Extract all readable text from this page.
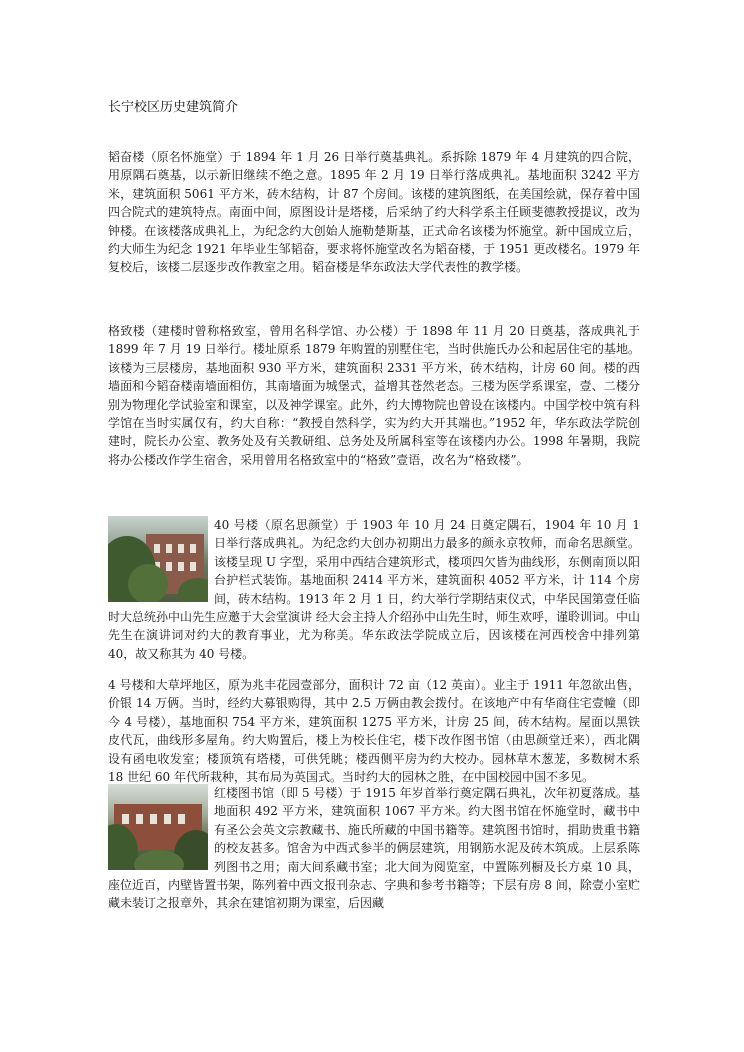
长宁校区历史建筑简介

韬奋楼（原名怀施堂）于 1894 年 1 月 26 日举行奠基典礼。系拆除 1879 年 4 月建筑的四合院，用原隅石奠基，以示新旧继续不绝之意。1895 年 2 月 19 日举行落成典礼。基地面积 3242 平方米，建筑面积 5061 平方米，砖木结构，计 87 个房间。该楼的建筑图纸，在美国绘就，保存着中国四合院式的建筑特点。南面中间，原图设计是塔楼，后采纳了约大科学系主任顾斐德教授提议，改为钟楼。在该楼落成典礼上，为纪念约大创始人施勒楚斯基，正式命名该楼为怀施堂。新中国成立后，约大师生为纪念 1921 年毕业生邹韬奋，要求将怀施堂改名为韬奋楼，于 1951 更改楼名。1979 年复校后，该楼二层逐步改作教室之用。韬奋楼是华东政法大学代表性的教学楼。

格致楼（建楼时曾称格致室，曾用名科学馆、办公楼）于 1898 年 11 月 20 日奠基，落成典礼于 1899 年 7 月 19 日举行。楼址原系 1879 年购置的别墅住宅，当时供施氏办公和起居住宅的基地。该楼为三层楼房，基地面积 930 平方米，建筑面积 2331 平方米，砖木结构，计房 60 间。楼的西墙面和今韬奋楼南墙面相仿，其南墙面为城堡式，益增其苍然老态。三楼为医学系课室，壹、二楼分别为物理化学试验室和课室，以及神学课室。此外，约大博物院也曾设在该楼内。中国学校中筑有科学馆在当时实属仅有，约大自称：“教授自然科学，实为约大开其端也。”1952 年，华东政法学院创建时，院长办公室、教务处及有关教研组、总务处及所属科室等在该楼内办公。1998 年暑期，我院将办公楼改作学生宿舍，采用曾用名格致室中的“格致”壹语，改名为“格致楼”。

40 号楼（原名思颜堂）于 1903 年 10 月 24 日奠定隅石，1904 年 10 月 1 日举行落成典礼。为纪念约大创办初期出力最多的颜永京牧师，而命名思颜堂。该楼呈现 U 字型，采用中西结合建筑形式，楼项四欠皆为曲线形，东侧南顶以阳台护栏式装饰。基地面积 2414 平方米，建筑面积 4052 平方米，计 114 个房间，砖木结构。1913 年 2 月 1 日，约大举行学期结束仪式，中华民国第壹任临时大总统孙中山先生应邀于大会堂演讲 经大会主持人介绍孙中山先生时，师生欢呼，谨聆训词。中山先生在演讲词对约大的教育事业，尤为称美。华东政法学院成立后，因该楼在河西校舍中排列第 40，故又称其为 40 号楼。

4 号楼和大草坪地区，原为兆丰花园壹部分，面积计 72 亩（12 英亩）。业主于 1911 年忽欲出售，价银 14 万俩。当时，经约大募银购得，其中 2.5 万俩由教会拨付。在该地产中有华商住宅壹幢（即今 4 号楼），基地面积 754 平方米，建筑面积 1275 平方米，计房 25 间，砖木结构。屋面以黑铁皮代瓦，曲线形多屋角。约大购置后，楼上为校长住宅，楼下改作图书馆（由思颜堂迁来），西北隅设有函电收发室；楼顶筑有塔楼，可供凭眺；楼西侧平房为约大校办。园林草木葱茏，多数树木系 18 世纪 60 年代所栽种，其布局为英国式。当时约大的园林之胜，在中国校园中国不多见。

红楼图书馆（即 5 号楼）于 1915 年岁首举行奠定隅石典礼，次年初夏落成。基地面积 492 平方米，建筑面积 1067 平方米。约大图书馆在怀施堂时，藏书中有圣公会英文宗教藏书、施氏所藏的中国书籍等。建筑图书馆时，捐助贵重书籍的校友甚多。馆舍为中西式参半的俩层建筑，用钢筋水泥及砖木筑成。上层系陈列图书之用；南大间系藏书室；北大间为阅览室，中置陈列橱及长方桌 10 具，座位近百，内壁皆置书架，陈列着中西文报刊杂志、字典和参考书籍等；下层有房 8 间，除壹小室贮藏未装订之报章外，其余在建馆初期为课室，后因藏
